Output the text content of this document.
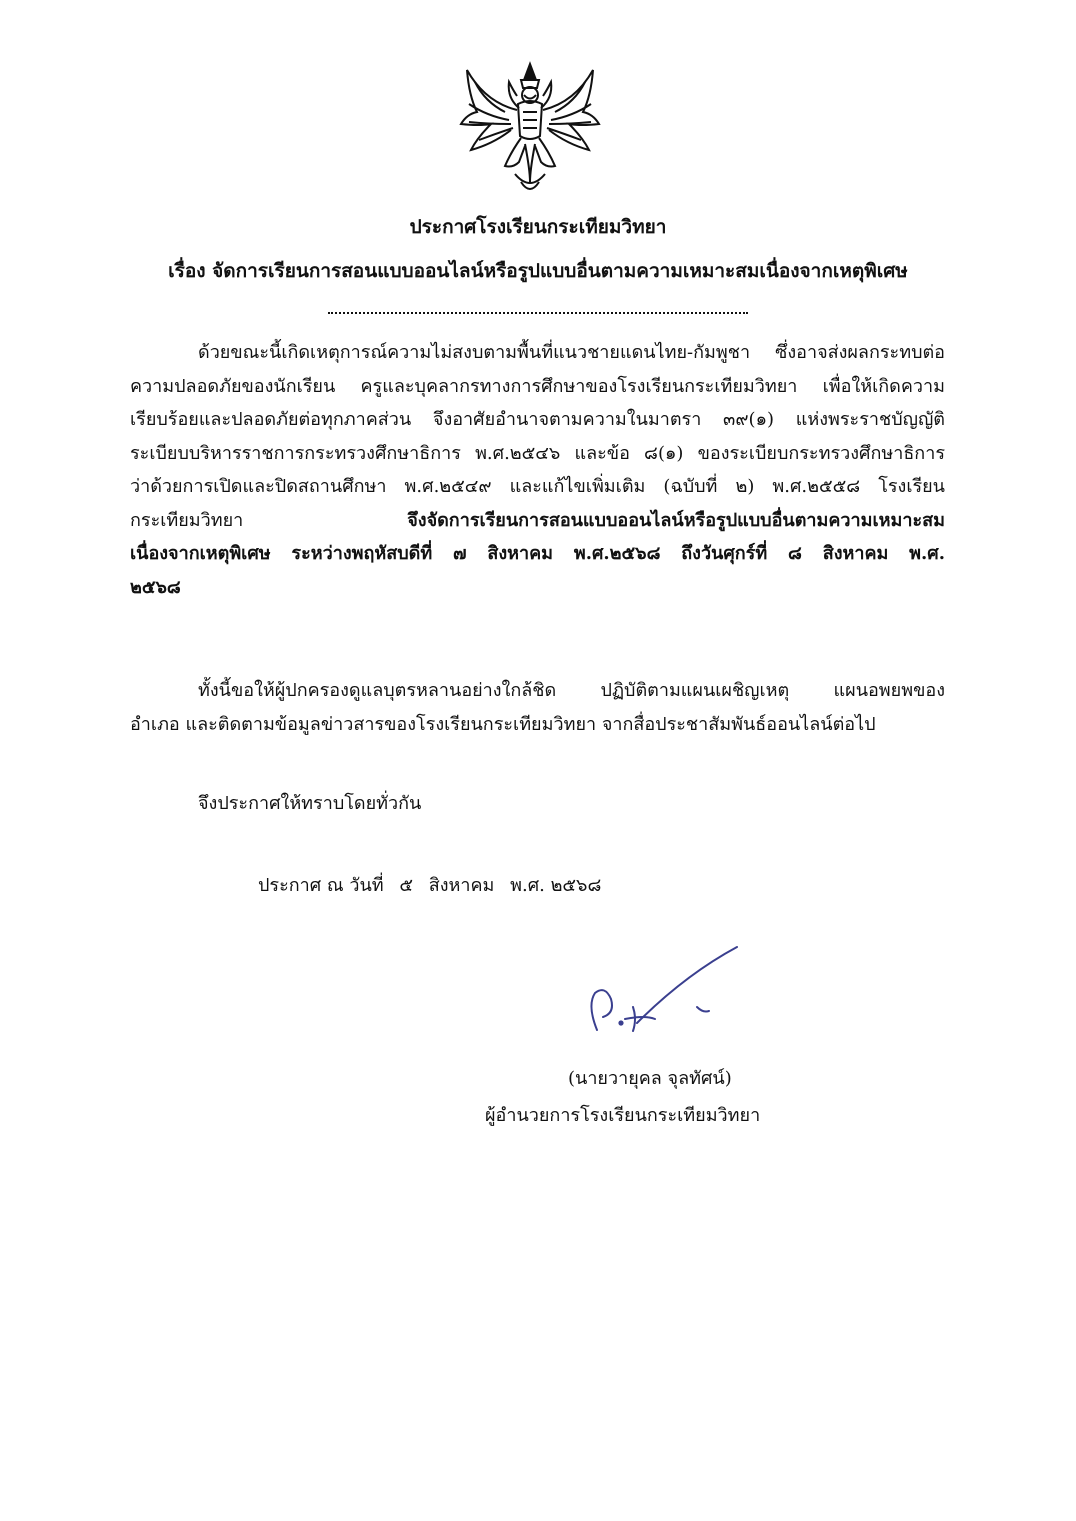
ประกาศโรงเรียนกระเทียมวิทยา
เรื่อง จัดการเรียนการสอนแบบออนไลน์หรือรูปแบบอื่นตามความเหมาะสมเนื่องจากเหตุพิเศษ
ด้วยขณะนี้เกิดเหตุการณ์ความไม่สงบตามพื้นที่แนวชายแดนไทย-กัมพูชา ซึ่งอาจส่งผลกระทบต่อ
ความปลอดภัยของนักเรียน ครูและบุคลากรทางการศึกษาของโรงเรียนกระเทียมวิทยา เพื่อให้เกิดความ
เรียบร้อยและปลอดภัยต่อทุกภาคส่วน จึงอาศัยอำนาจตามความในมาตรา ๓๙(๑) แห่งพระราชบัญญัติ
ระเบียบบริหารราชการกระทรวงศึกษาธิการ พ.ศ.๒๕๔๖ และข้อ ๘(๑) ของระเบียบกระทรวงศึกษาธิการ
ว่าด้วยการเปิดและปิดสถานศึกษา พ.ศ.๒๕๔๙ และแก้ไขเพิ่มเติม (ฉบับที่ ๒) พ.ศ.๒๕๕๘ โรงเรียน
กระเทียมวิทยา จึงจัดการเรียนการสอนแบบออนไลน์หรือรูปแบบอื่นตามความเหมาะสม
เนื่องจากเหตุพิเศษ ระหว่างพฤหัสบดีที่ ๗ สิงหาคม พ.ศ.๒๕๖๘ ถึงวันศุกร์ที่ ๘ สิงหาคม พ.ศ.
๒๕๖๘
ทั้งนี้ขอให้ผู้ปกครองดูแลบุตรหลานอย่างใกล้ชิด ปฏิบัติตามแผนเผชิญเหตุ แผนอพยพของ
อำเภอ และติดตามข้อมูลข่าวสารของโรงเรียนกระเทียมวิทยา จากสื่อประชาสัมพันธ์ออนไลน์ต่อไป
จึงประกาศให้ทราบโดยทั่วกัน
ประกาศ ณ วันที่ ๕ สิงหาคม พ.ศ. ๒๕๖๘
(นายวายุคล จุลทัศน์)
ผู้อำนวยการโรงเรียนกระเทียมวิทยา
